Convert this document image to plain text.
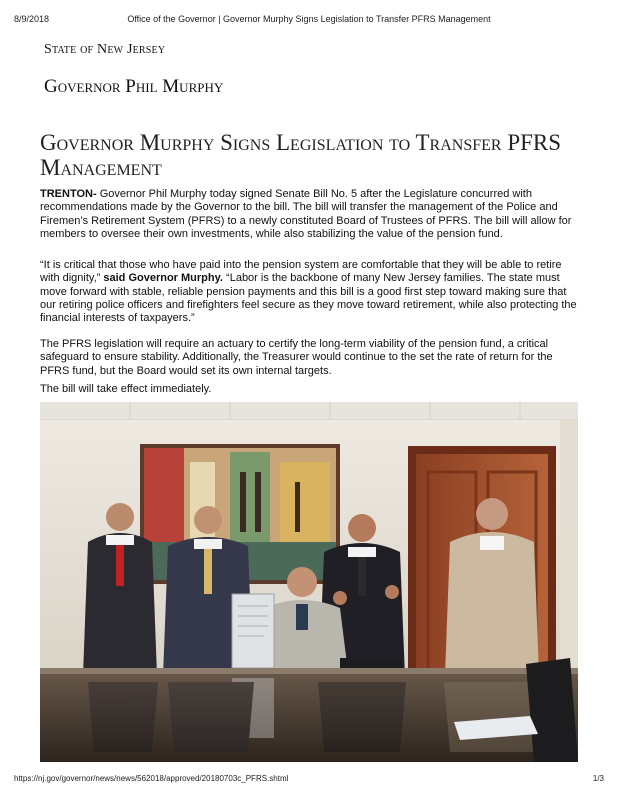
8/9/2018	Office of the Governor | Governor Murphy Signs Legislation to Transfer PFRS Management
State of New Jersey
Governor Phil Murphy
Governor Murphy Signs Legislation to Transfer PFRS Management

TRENTON- Governor Phil Murphy today signed Senate Bill No. 5 after the Legislature concurred with recommendations made by the Governor to the bill. The bill will transfer the management of the Police and Firemen’s Retirement System (PFRS) to a newly constituted Board of Trustees of PFRS. The bill will allow for members to oversee their own investments, while also stabilizing the value of the pension fund.

“It is critical that those who have paid into the pension system are comfortable that they will be able to retire with dignity,” said Governor Murphy. “Labor is the backbone of many New Jersey families. The state must move forward with stable, reliable pension payments and this bill is a good first step toward making sure that our retiring police officers and firefighters feel secure as they move toward retirement, while also protecting the financial interests of taxpayers.”

The PFRS legislation will require an actuary to certify the long-term viability of the pension fund, a critical safeguard to ensure stability. Additionally, the Treasurer would continue to the set the rate of return for the PFRS fund, but the Board would set its own internal targets.

The bill will take effect immediately.

https://nj.gov/governor/news/news/562018/approved/20180703c_PFRS.shtml	1/3
